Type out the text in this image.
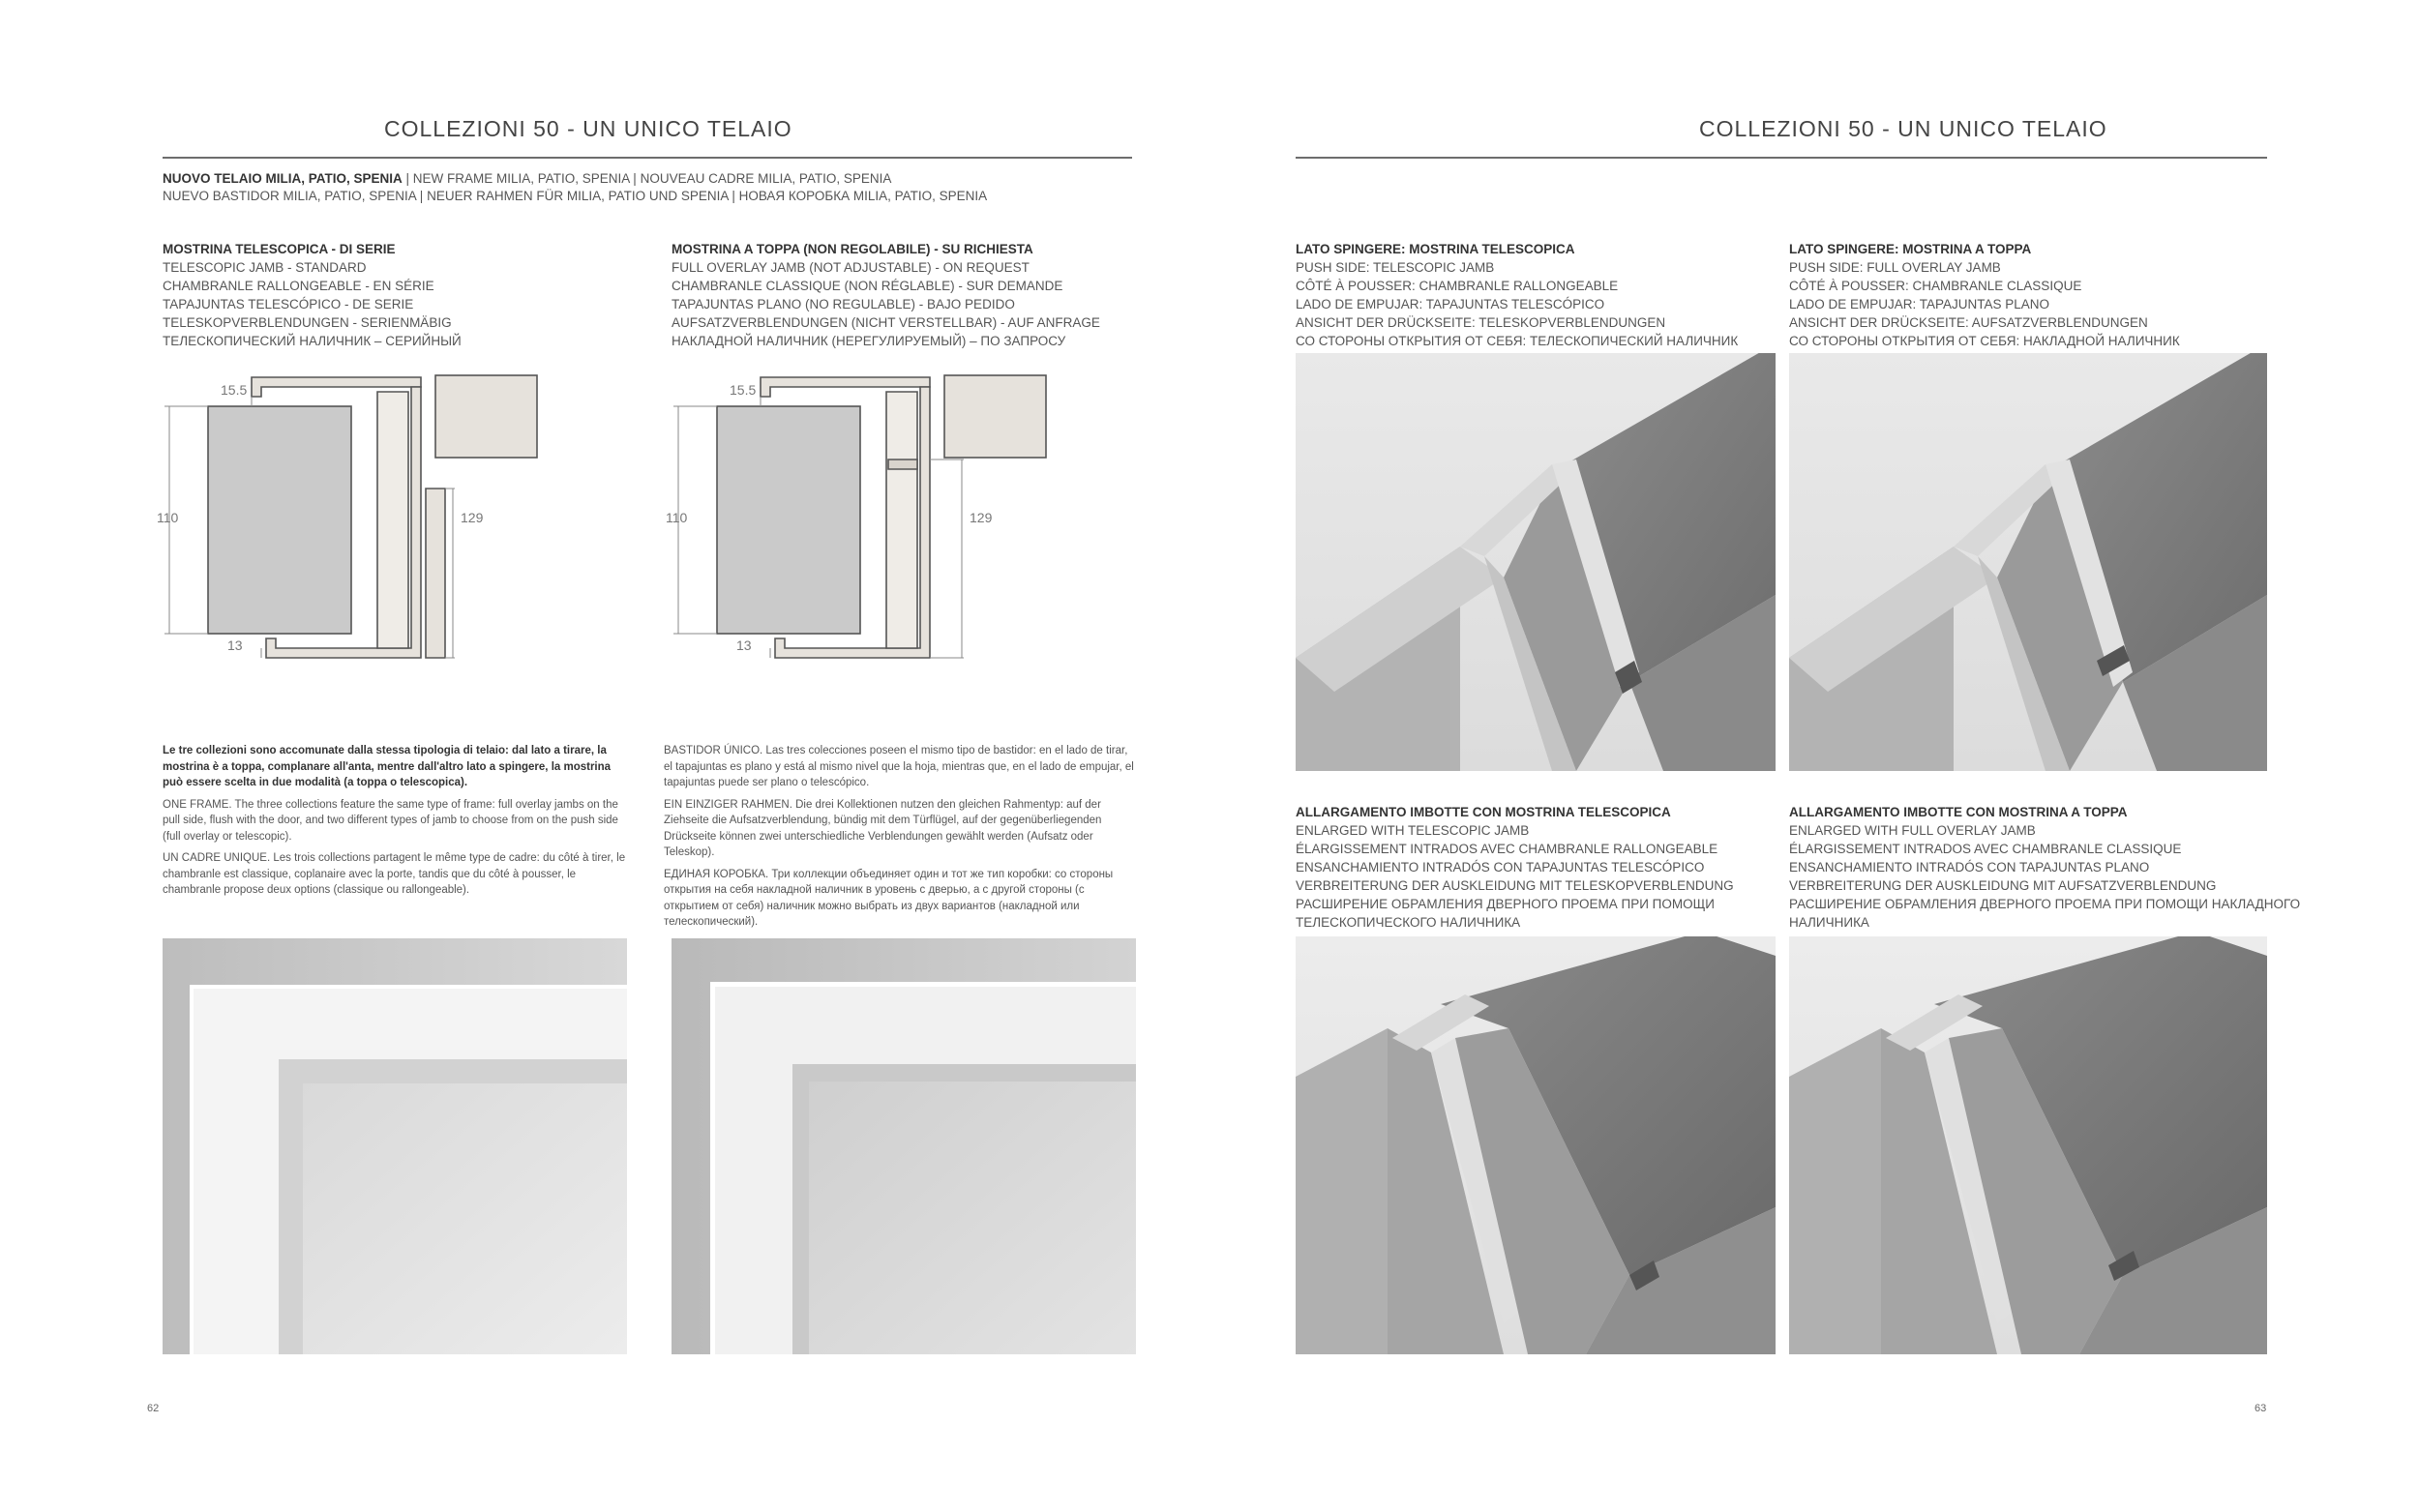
COLLEZIONI 50 - UN UNICO TELAIO
NUOVO TELAIO MILIA, PATIO, SPENIA | NEW FRAME MILIA, PATIO, SPENIA | NOUVEAU CADRE MILIA, PATIO, SPENIA
NUEVO BASTIDOR MILIA, PATIO, SPENIA | NEUER RAHMEN FÜR MILIA, PATIO UND SPENIA | НОВАЯ КОРОБКА MILIA, PATIO, SPENIA
MOSTRINA TELESCOPICA - DI SERIE
TELESCOPIC JAMB - STANDARD
CHAMBRANLE RALLONGEABLE - EN SÉRIE
TAPAJUNTAS TELESCÓPICO - DE SERIE
TELESKOPVERBLENDUNGEN - SERIENMÄΒIG
ТЕЛЕСКОПИЧЕСКИЙ НАЛИЧНИК – СЕРИЙНЫЙ
MOSTRINA A TOPPA (NON REGOLABILE) - SU RICHIESTA
FULL OVERLAY JAMB (NOT ADJUSTABLE) - ON REQUEST
CHAMBRANLE CLASSIQUE (NON RÉGLABLE) - SUR DEMANDE
TAPAJUNTAS PLANO (NO REGULABLE) - BAJO PEDIDO
AUFSATZVERBLENDUNGEN (NICHT VERSTELLBAR) - AUF ANFRAGE
НАКЛАДНОЙ НАЛИЧНИК (НЕРЕГУЛИРУЕМЫЙ) – ПО ЗАПРОСУ
15.5
110	129
13
15.5
110	129
13

Le tre collezioni sono accomunate dalla stessa tipologia di telaio: dal lato a tirare, la mostrina è a toppa, complanare all'anta, mentre dall'altro lato a spingere, la mostrina può essere scelta in due modalità (a toppa o telescopica).

ONE FRAME. The three collections feature the same type of frame: full overlay jambs on the pull side, flush with the door, and two different types of jamb to choose from on the push side (full overlay or telescopic).

UN CADRE UNIQUE. Les trois collections partagent le même type de cadre: du côté à tirer, le chambranle est classique, coplanaire avec la porte, tandis que du côté à pousser, le chambranle propose deux options (classique ou rallongeable).

BASTIDOR ÚNICO. Las tres colecciones poseen el mismo tipo de bastidor: en el lado de tirar, el tapajuntas es plano y está al mismo nivel que la hoja, mientras que, en el lado de empujar, el tapajuntas puede ser plano o telescópico.

EIN EINZIGER RAHMEN. Die drei Kollektionen nutzen den gleichen Rahmentyp: auf der Ziehseite die Aufsatzverblendung, bündig mit dem Türflügel, auf der gegenüberliegenden Drückseite können zwei unterschiedliche Verblendungen gewählt werden (Aufsatz oder Teleskop).

ЕДИНАЯ КОРОБКА. Три коллекции объединяет один и тот же тип коробки: со стороны открытия на себя накладной наличник в уровень с дверью, а с другой стороны (с открытием от себя) наличник можно выбрать из двух вариантов (накладной или телескопический).

62
COLLEZIONI 50 - UN UNICO TELAIO
LATO SPINGERE: MOSTRINA TELESCOPICA
PUSH SIDE: TELESCOPIC JAMB
CÔTÉ À POUSSER: CHAMBRANLE RALLONGEABLE
LADO DE EMPUJAR: TAPAJUNTAS TELESCÓPICO
ANSICHT DER DRÜCKSEITE: TELESKOPVERBLENDUNGEN
СО СТОРОНЫ ОТКРЫТИЯ ОТ СЕБЯ: ТЕЛЕСКОПИЧЕСКИЙ НАЛИЧНИК
LATO SPINGERE: MOSTRINA A TOPPA
PUSH SIDE: FULL OVERLAY JAMB
CÔTÉ À POUSSER: CHAMBRANLE CLASSIQUE
LADO DE EMPUJAR: TAPAJUNTAS PLANO
ANSICHT DER DRÜCKSEITE: AUFSATZVERBLENDUNGEN
СО СТОРОНЫ ОТКРЫТИЯ ОТ СЕБЯ: НАКЛАДНОЙ НАЛИЧНИК
ALLARGAMENTO IMBOTTE CON MOSTRINA TELESCOPICA
ENLARGED WITH TELESCOPIC JAMB
ÉLARGISSEMENT INTRADOS AVEC CHAMBRANLE RALLONGEABLE
ENSANCHAMIENTO INTRADÓS CON TAPAJUNTAS TELESCÓPICO
VERBREITERUNG DER AUSKLEIDUNG MIT TELESKOPVERBLENDUNG
РАСШИРЕНИЕ ОБРАМЛЕНИЯ ДВЕРНОГО ПРОЕМА ПРИ ПОМОЩИ
ТЕЛЕСКОПИЧЕСКОГО НАЛИЧНИКА
ALLARGAMENTO IMBOTTE CON MOSTRINA A TOPPA
ENLARGED WITH FULL OVERLAY JAMB
ÉLARGISSEMENT INTRADOS AVEC CHAMBRANLE CLASSIQUE
ENSANCHAMIENTO INTRADÓS CON TAPAJUNTAS PLANO
VERBREITERUNG DER AUSKLEIDUNG MIT AUFSATZVERBLENDUNG
РАСШИРЕНИЕ ОБРАМЛЕНИЯ ДВЕРНОГО ПРОЕМА ПРИ ПОМОЩИ НАКЛАДНОГО
НАЛИЧНИКА
63
